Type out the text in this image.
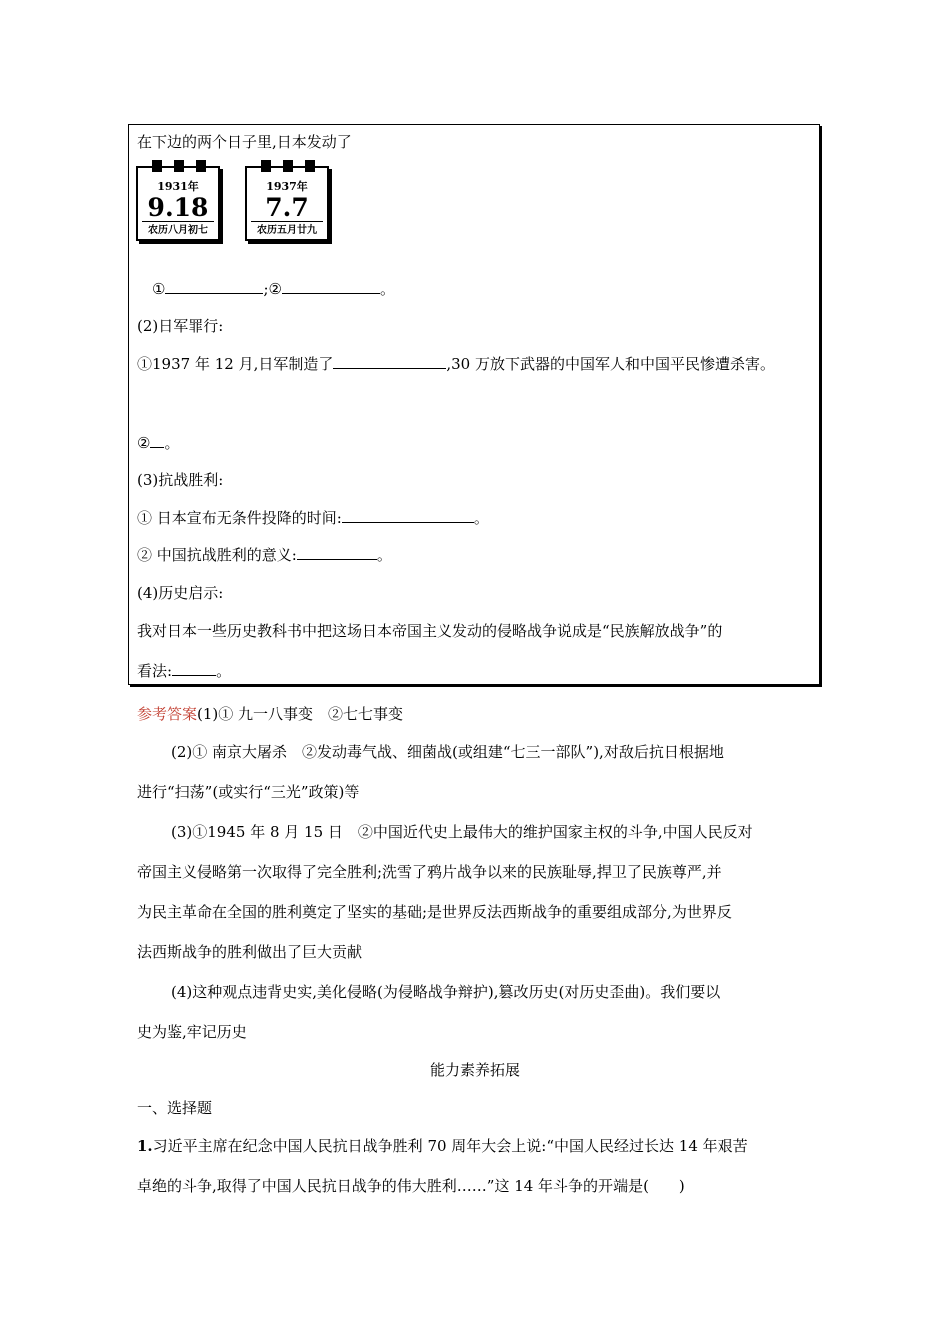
在下边的两个日子里,日本发动了
1931年
9.18
农历八月初七
1937年
7.7
农历五月廿九
①	;②	。
(2)日军罪行:
①1937 年 12 月,日军制造了	,30 万放下武器的中国军人和中国平民惨遭杀害。
② 。
(3)抗战胜利:
① 日本宣布无条件投降的时间:	。
② 中国抗战胜利的意义:	。
(4)历史启示:
我对日本一些历史教科书中把这场日本帝国主义发动的侵略战争说成是“民族解放战争”的
看法:	。
参考答案(1)① 九一八事变　②七七事变
(2)① 南京大屠杀　②发动毒气战、细菌战(或组建“七三一部队”),对敌后抗日根据地
进行“扫荡”(或实行“三光”政策)等
(3)①1945 年 8 月 15 日　②中国近代史上最伟大的维护国家主权的斗争,中国人民反对
帝国主义侵略第一次取得了完全胜利;洗雪了鸦片战争以来的民族耻辱,捍卫了民族尊严,并
为民主革命在全国的胜利奠定了坚实的基础;是世界反法西斯战争的重要组成部分,为世界反
法西斯战争的胜利做出了巨大贡献
(4)这种观点违背史实,美化侵略(为侵略战争辩护),篡改历史(对历史歪曲)。我们要以
史为鉴,牢记历史
能力素养拓展
一、选择题
1.习近平主席在纪念中国人民抗日战争胜利 70 周年大会上说:“中国人民经过长达 14 年艰苦
卓绝的斗争,取得了中国人民抗日战争的伟大胜利……”这 14 年斗争的开端是(　　)
